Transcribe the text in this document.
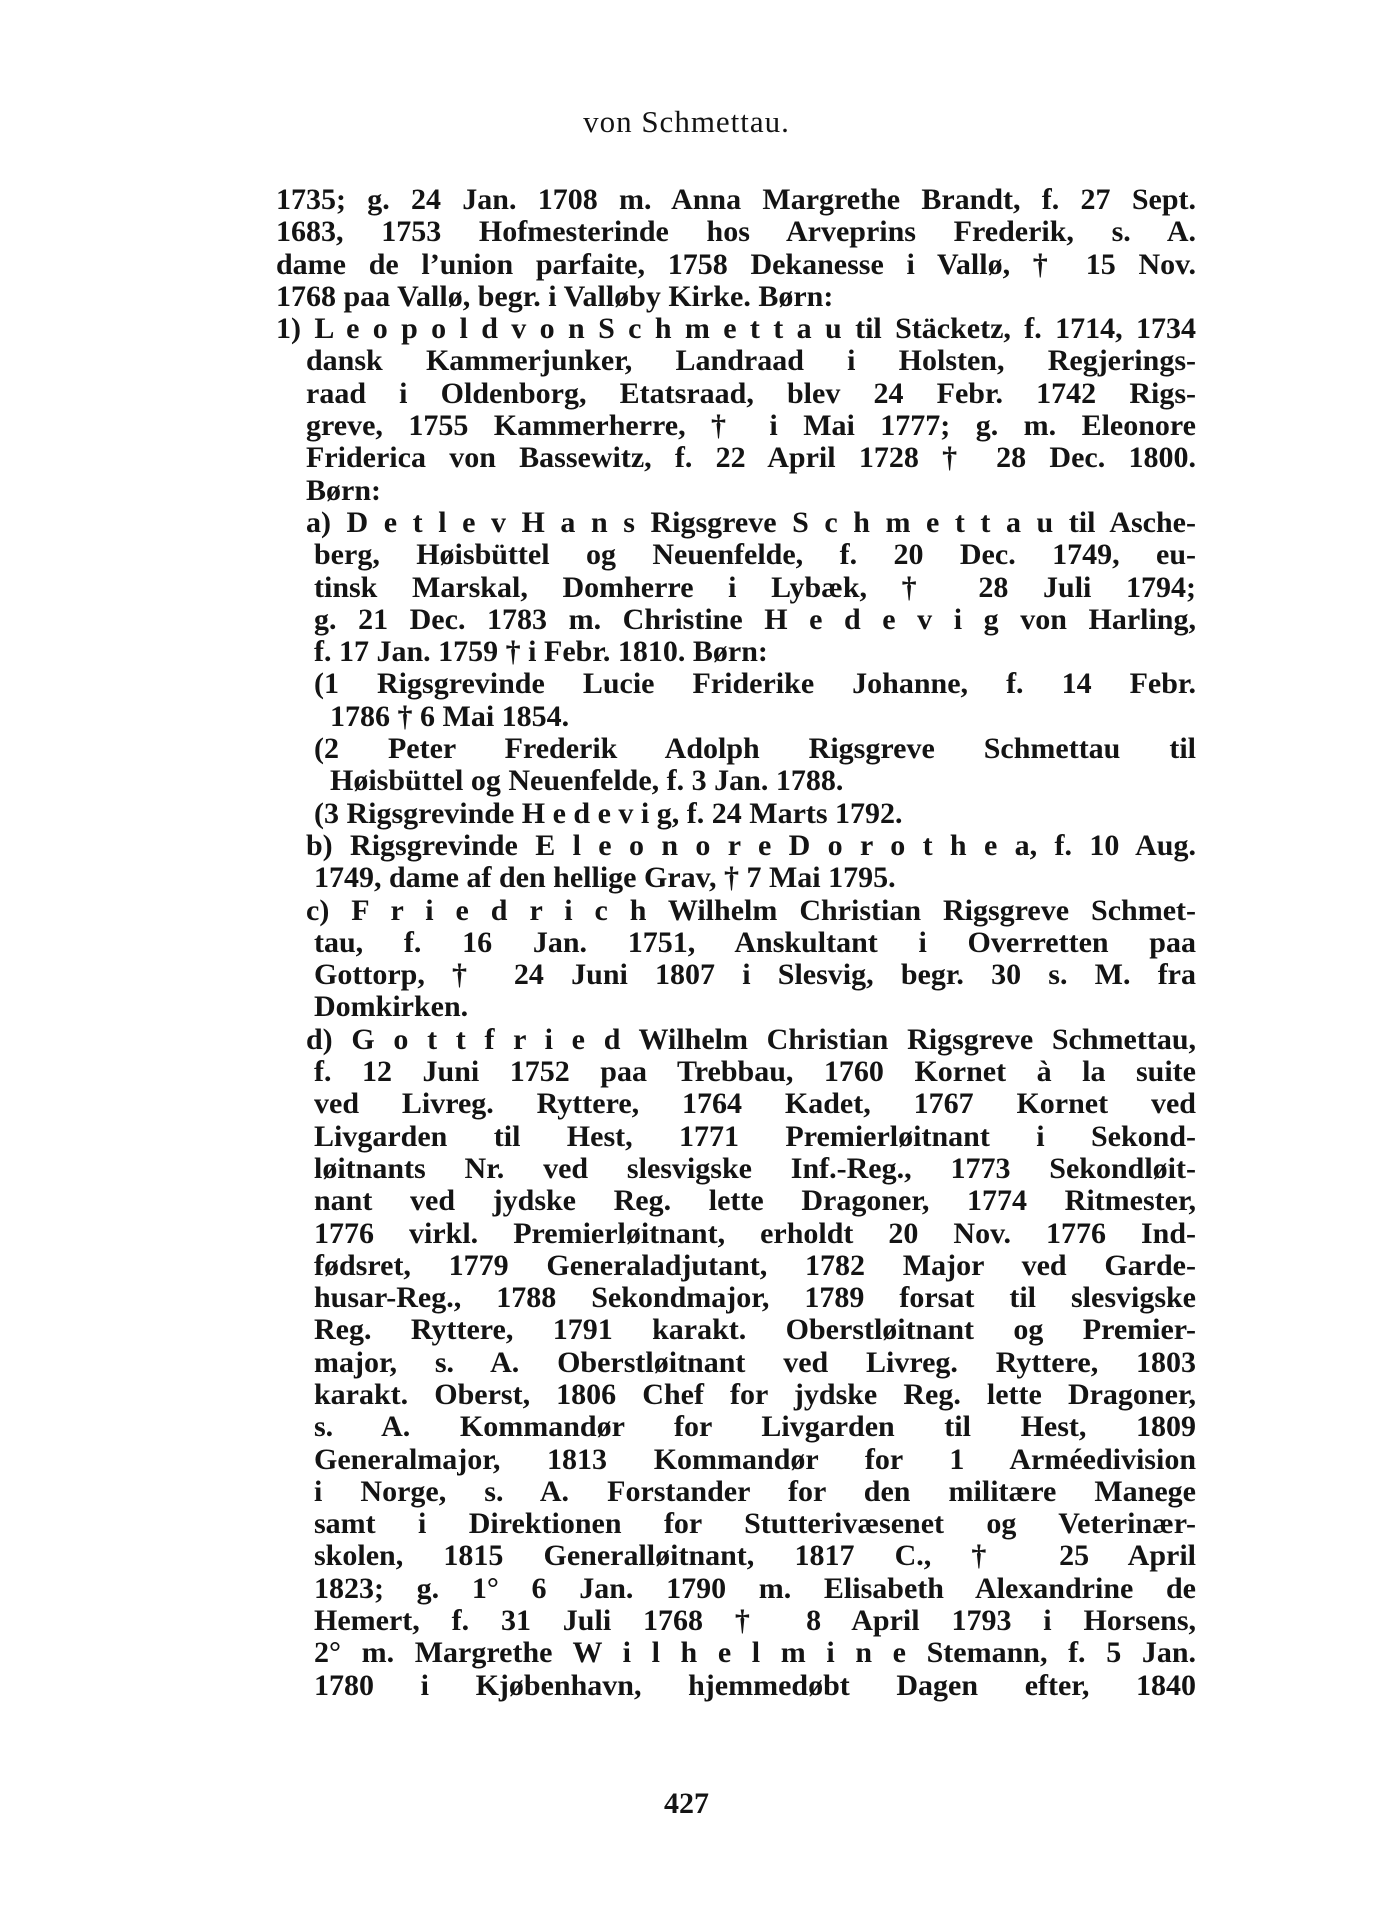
von Schmettau.
1735; g. 24 Jan. 1708 m. Anna Margrethe Brandt, f. 27 Sept.
1683, 1753 Hofmesterinde hos Arveprins Frederik, s. A.
dame de l’union parfaite, 1758 Dekanesse i Vallø, † 15 Nov.
1768 paa Vallø, begr. i Valløby Kirke. Børn:
1) L e o p o l d v o n S c h m e t t a u til Stäcketz, f. 1714, 1734
dansk Kammerjunker, Landraad i Holsten, Regjerings-
raad i Oldenborg, Etatsraad, blev 24 Febr. 1742 Rigs-
greve, 1755 Kammerherre, † i Mai 1777; g. m. Eleonore
Friderica von Bassewitz, f. 22 April 1728 † 28 Dec. 1800.
Børn:
a) D e t l e v H a n s Rigsgreve S c h m e t t a u til Asche-
berg, Høisbüttel og Neuenfelde, f. 20 Dec. 1749, eu-
tinsk Marskal, Domherre i Lybæk, † 28 Juli 1794;
g. 21 Dec. 1783 m. Christine H e d e v i g von Harling,
f. 17 Jan. 1759 † i Febr. 1810. Børn:
(1 Rigsgrevinde Lucie Friderike Johanne, f. 14 Febr.
1786 † 6 Mai 1854.
(2 Peter Frederik Adolph Rigsgreve Schmettau til
Høisbüttel og Neuenfelde, f. 3 Jan. 1788.
(3 Rigsgrevinde H e d e v i g, f. 24 Marts 1792.
b) Rigsgrevinde E l e o n o r e D o r o t h e a, f. 10 Aug.
1749, dame af den hellige Grav, † 7 Mai 1795.
c) F r i e d r i c h Wilhelm Christian Rigsgreve Schmet-
tau, f. 16 Jan. 1751, Anskultant i Overretten paa
Gottorp, † 24 Juni 1807 i Slesvig, begr. 30 s. M. fra
Domkirken.
d) G o t t f r i e d Wilhelm Christian Rigsgreve Schmettau,
f. 12 Juni 1752 paa Trebbau, 1760 Kornet à la suite
ved Livreg. Ryttere, 1764 Kadet, 1767 Kornet ved
Livgarden til Hest, 1771 Premierløitnant i Sekond-
løitnants Nr. ved slesvigske Inf.-Reg., 1773 Sekondløit-
nant ved jydske Reg. lette Dragoner, 1774 Ritmester,
1776 virkl. Premierløitnant, erholdt 20 Nov. 1776 Ind-
fødsret, 1779 Generaladjutant, 1782 Major ved Garde-
husar-Reg., 1788 Sekondmajor, 1789 forsat til slesvigske
Reg. Ryttere, 1791 karakt. Oberstløitnant og Premier-
major, s. A. Oberstløitnant ved Livreg. Ryttere, 1803
karakt. Oberst, 1806 Chef for jydske Reg. lette Dragoner,
s. A. Kommandør for Livgarden til Hest, 1809
Generalmajor, 1813 Kommandør for 1 Arméedivision
i Norge, s. A. Forstander for den militære Manege
samt i Direktionen for Stutterivæsenet og Veterinær-
skolen, 1815 Generalløitnant, 1817 C., † 25 April
1823; g. 1° 6 Jan. 1790 m. Elisabeth Alexandrine de
Hemert, f. 31 Juli 1768 † 8 April 1793 i Horsens,
2° m. Margrethe W i l h e l m i n e Stemann, f. 5 Jan.
1780 i Kjøbenhavn, hjemmedøbt Dagen efter, 1840
427
